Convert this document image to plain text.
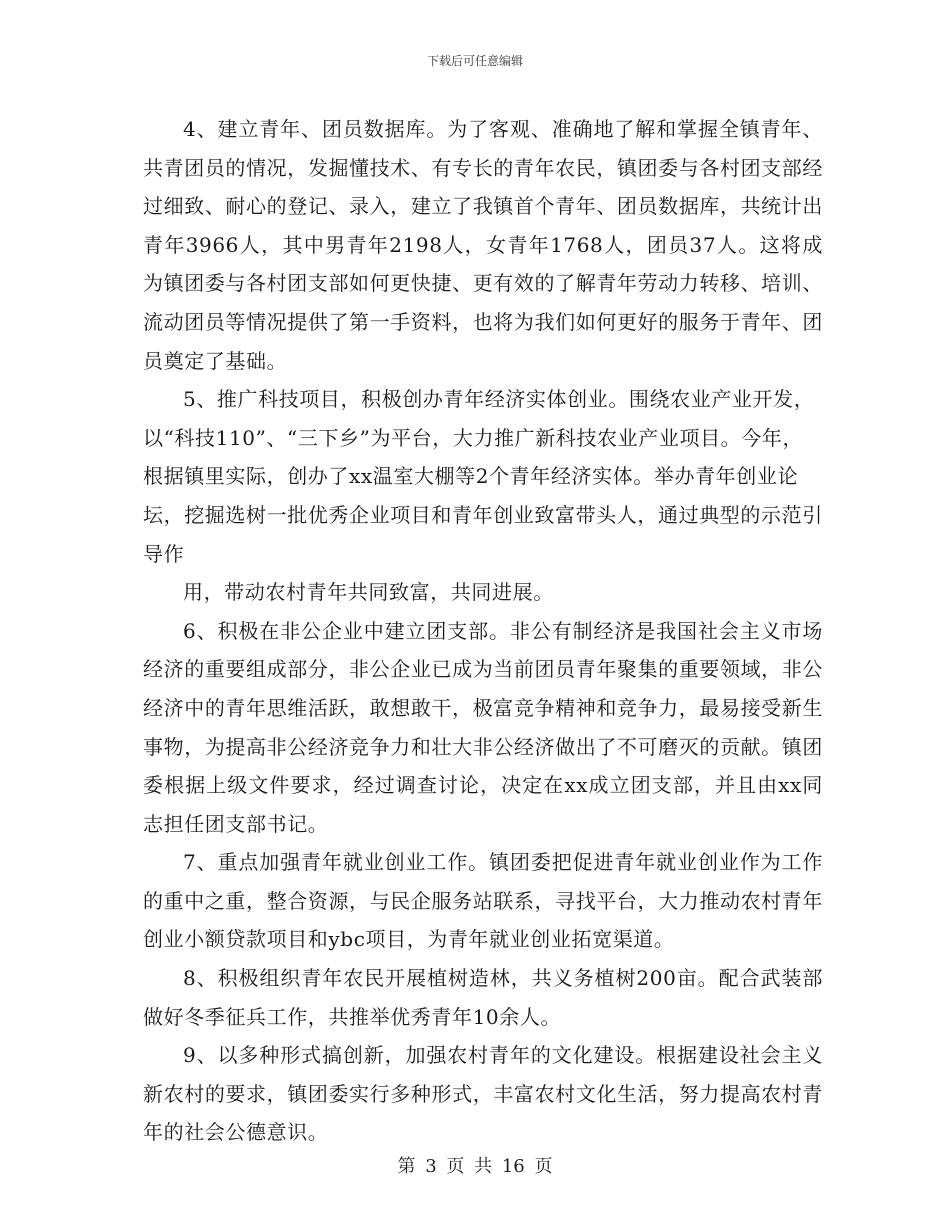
下载后可任意编辑

4、建立青年、团员数据库。为了客观、准确地了解和掌握全镇青年、共青团员的情况，发掘懂技术、有专长的青年农民，镇团委与各村团支部经过细致、耐心的登记、录入，建立了我镇首个青年、团员数据库，共统计出青年3966人，其中男青年2198人，女青年1768人，团员37人。这将成为镇团委与各村团支部如何更快捷、更有效的了解青年劳动力转移、培训、流动团员等情况提供了第一手资料，也将为我们如何更好的服务于青年、团员奠定了基础。

5、推广科技项目，积极创办青年经济实体创业。围绕农业产业开发，以“科技110”、“三下乡”为平台，大力推广新科技农业产业项目。今年，根据镇里实际，创办了xx温室大棚等2个青年经济实体。举办青年创业论坛，挖掘选树一批优秀企业项目和青年创业致富带头人，通过典型的示范引导作

用，带动农村青年共同致富，共同进展。

6、积极在非公企业中建立团支部。非公有制经济是我国社会主义市场经济的重要组成部分，非公企业已成为当前团员青年聚集的重要领域，非公经济中的青年思维活跃，敢想敢干，极富竞争精神和竞争力，最易接受新生事物，为提高非公经济竞争力和壮大非公经济做出了不可磨灭的贡献。镇团委根据上级文件要求，经过调查讨论，决定在xx成立团支部，并且由xx同志担任团支部书记。

7、重点加强青年就业创业工作。镇团委把促进青年就业创业作为工作的重中之重，整合资源，与民企服务站联系，寻找平台，大力推动农村青年创业小额贷款项目和ybc项目，为青年就业创业拓宽渠道。

8、积极组织青年农民开展植树造林，共义务植树200亩。配合武装部做好冬季征兵工作，共推举优秀青年10余人。

9、以多种形式搞创新，加强农村青年的文化建设。根据建设社会主义新农村的要求，镇团委实行多种形式，丰富农村文化生活，努力提高农村青年的社会公德意识。

第 3 页 共 16 页
